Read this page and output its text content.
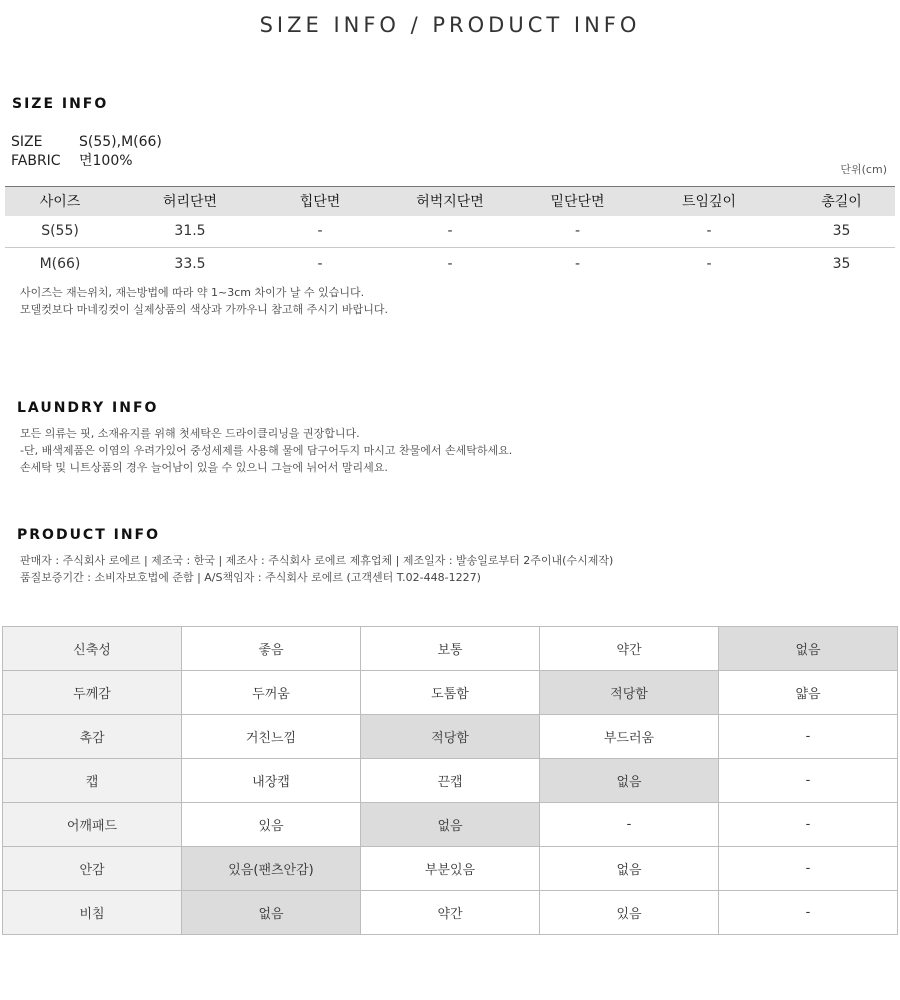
SIZE INFO / PRODUCT INFO
SIZE INFO
SIZE	S(55),M(66)
FABRIC 면100%
단위(cm)
사이즈	허리단면	힙단면	허벅지단면	밑단단면	트임깊이	총길이
S(55)	31.5	-	-	-	-	35
M(66)	33.5	-	-	-	-	35
사이즈는 재는위치, 재는방법에 따라 약 1~3cm 차이가 날 수 있습니다.
모델컷보다 마네킹컷이 실제상품의 색상과 가까우니 참고해 주시기 바랍니다.
LAUNDRY INFO
모든 의류는 핏, 소재유지를 위해 첫세탁은 드라이클리닝을 권장합니다.
-단, 배색제품은 이염의 우려가있어 중성세제를 사용해 물에 담구어두지 마시고 찬물에서 손세탁하세요.
손세탁 및 니트상품의 경우 늘어남이 있을 수 있으니 그늘에 뉘어서 말리세요.
PRODUCT INFO
판매자 : 주식회사 로에르 | 제조국 : 한국 | 제조사 : 주식회사 로에르 제휴업체 | 제조일자 : 발송일로부터 2주이내(수시제작)
품질보증기간 : 소비자보호법에 준함 | A/S책임자 : 주식회사 로에르 (고객센터 T.02-448-1227)
신축성	좋음	보통	약간	없음
두께감	두꺼움	도톰함	적당함	얇음
촉감	거친느낌	적당함	부드러움	-
캡	내장캡	끈캡	없음	-
어깨패드	있음	없음	-	-
안감	있음(팬츠안감)	부분있음	없음	-
비침	없음	약간	있음	-
